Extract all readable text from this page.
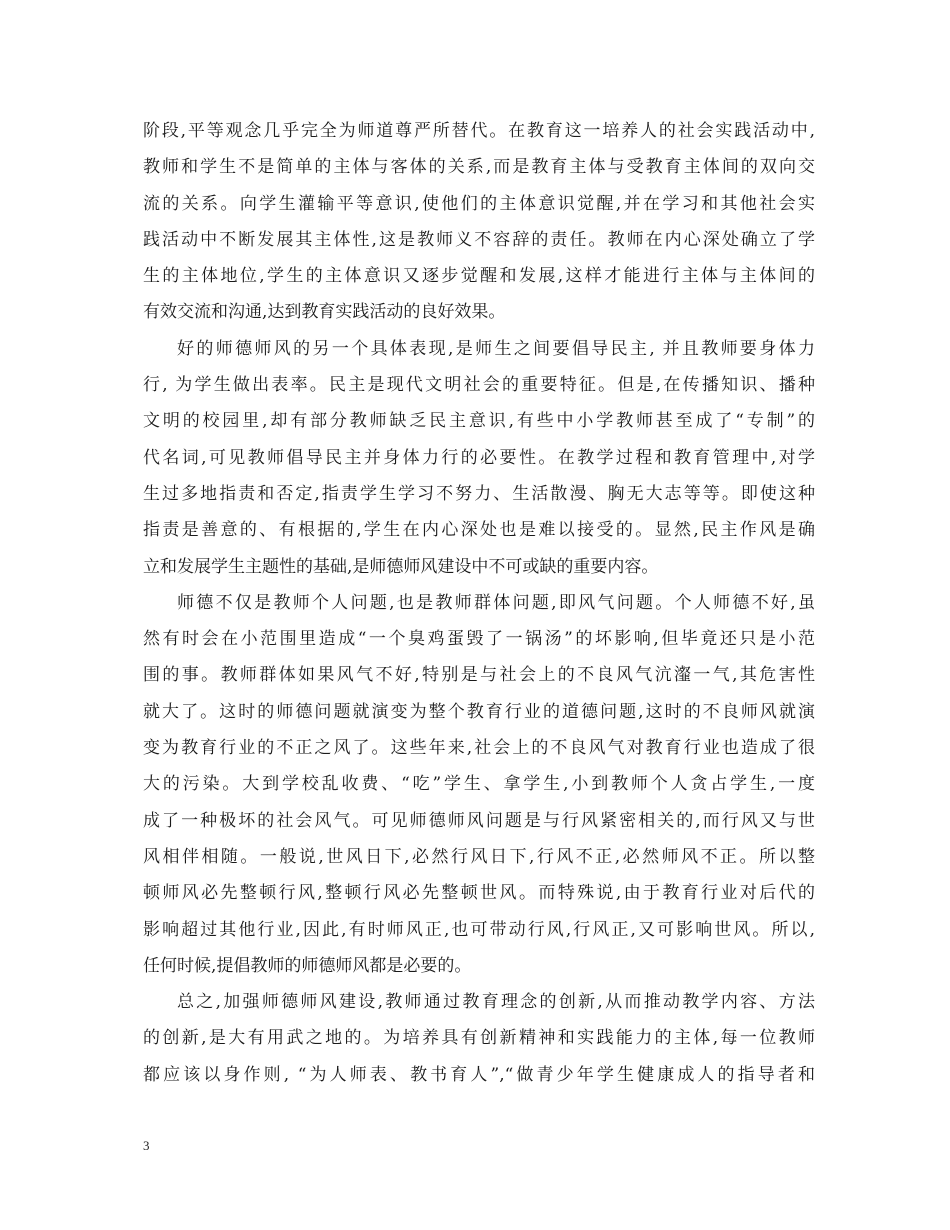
阶段,平等观念几乎完全为师道尊严所替代。在教育这一培养人的社会实践活动中,
教师和学生不是简单的主体与客体的关系,而是教育主体与受教育主体间的双向交
流的关系。向学生灌输平等意识,使他们的主体意识觉醒,并在学习和其他社会实
践活动中不断发展其主体性,这是教师义不容辞的责任。教师在内心深处确立了学
生的主体地位,学生的主体意识又逐步觉醒和发展,这样才能进行主体与主体间的
有效交流和沟通,达到教育实践活动的良好效果。
好的师德师风的另一个具体表现,是师生之间要倡导民主, 并且教师要身体力
行, 为学生做出表率。民主是现代文明社会的重要特征。但是,在传播知识、播种
文明的校园里,却有部分教师缺乏民主意识,有些中小学教师甚至成了“专制”的
代名词,可见教师倡导民主并身体力行的必要性。在教学过程和教育管理中,对学
生过多地指责和否定,指责学生学习不努力、生活散漫、胸无大志等等。即使这种
指责是善意的、有根据的,学生在内心深处也是难以接受的。显然,民主作风是确
立和发展学生主题性的基础,是师德师风建设中不可或缺的重要内容。
师德不仅是教师个人问题,也是教师群体问题,即风气问题。个人师德不好,虽
然有时会在小范围里造成“一个臭鸡蛋毁了一锅汤”的坏影响,但毕竟还只是小范
围的事。教师群体如果风气不好,特别是与社会上的不良风气沆瀣一气,其危害性
就大了。这时的师德问题就演变为整个教育行业的道德问题,这时的不良师风就演
变为教育行业的不正之风了。这些年来,社会上的不良风气对教育行业也造成了很
大的污染。大到学校乱收费、“吃”学生、拿学生,小到教师个人贪占学生,一度
成了一种极坏的社会风气。可见师德师风问题是与行风紧密相关的,而行风又与世
风相伴相随。一般说,世风日下,必然行风日下,行风不正,必然师风不正。所以整
顿师风必先整顿行风,整顿行风必先整顿世风。而特殊说,由于教育行业对后代的
影响超过其他行业,因此,有时师风正,也可带动行风,行风正,又可影响世风。所以,
任何时候,提倡教师的师德师风都是必要的。
总之,加强师德师风建设,教师通过教育理念的创新,从而推动教学内容、方法
的创新,是大有用武之地的。为培养具有创新精神和实践能力的主体,每一位教师
都应该以身作则, “为人师表、教书育人”,“做青少年学生健康成人的指导者和
3
